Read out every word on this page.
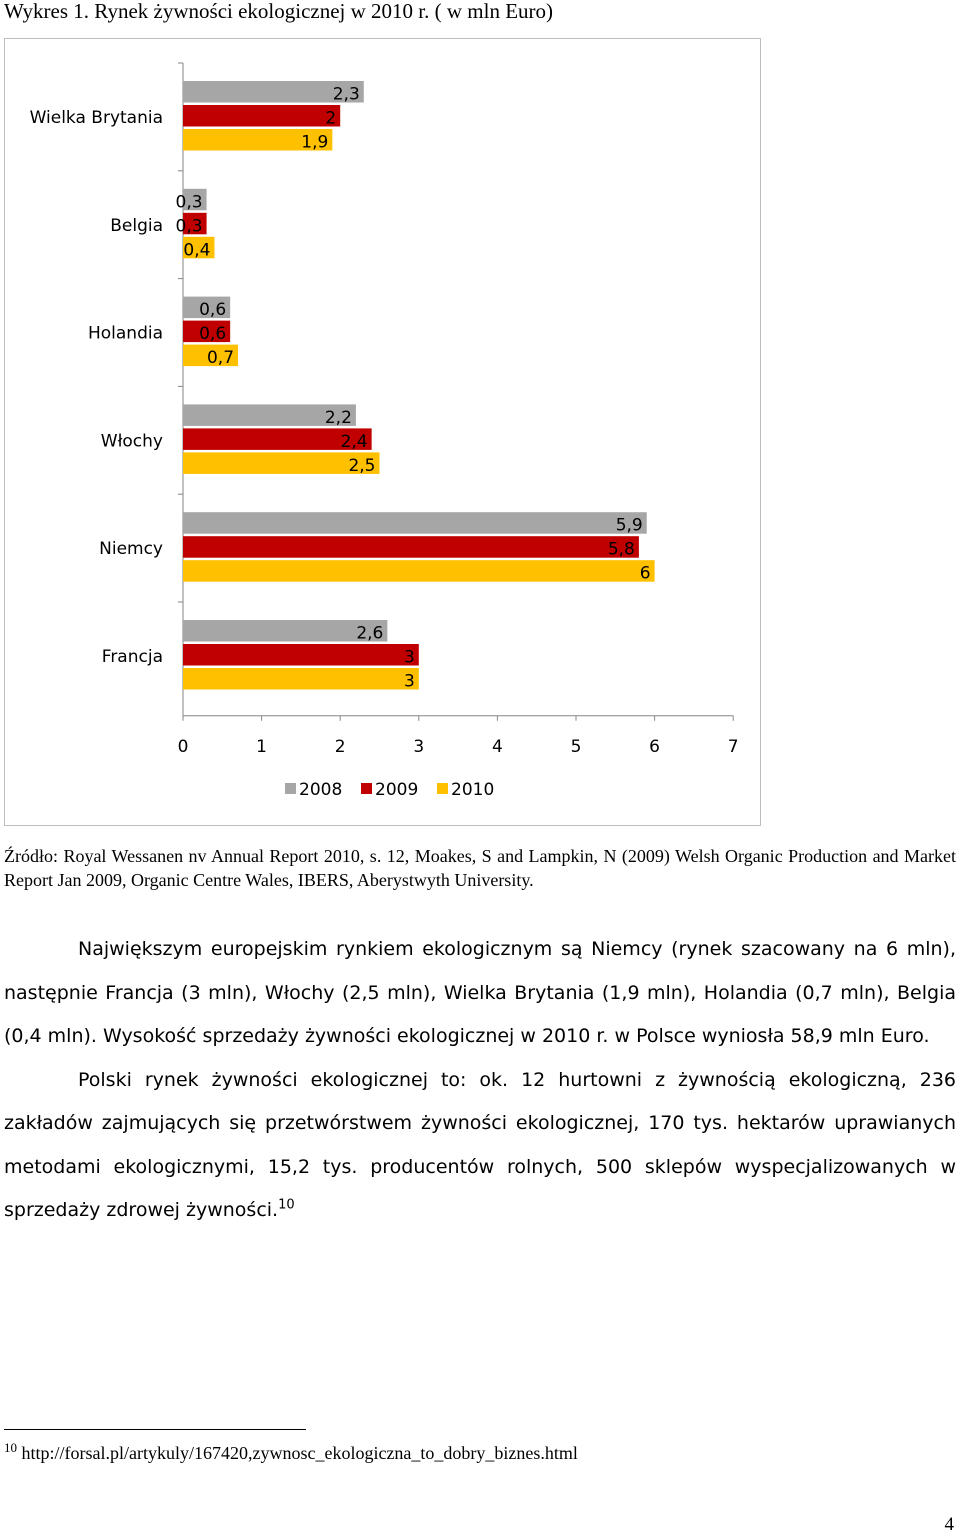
Wykres 1. Rynek żywności ekologicznej w 2010 r. ( w mln Euro)
0	1	2	3	4	5	6	7
Wielka Brytania
2,3
2
1,9
Belgia
0,3
0,3
0,4
Holandia
0,6
0,6
0,7
Włochy
2,2
2,4
2,5
Niemcy
5,9
5,8
6
Francja
2,6
3
3
2008 2009 2010
Źródło: Royal Wessanen nv Annual Report 2010, s. 12, Moakes, S and Lampkin, N (2009) Welsh Organic Production and Market Report Jan 2009, Organic Centre Wales, IBERS, Aberystwyth University.

Największym europejskim rynkiem ekologicznym są Niemcy (rynek szacowany na 6 mln), następnie Francja (3 mln), Włochy (2,5 mln), Wielka Brytania (1,9 mln), Holandia (0,7 mln), Belgia (0,4 mln). Wysokość sprzedaży żywności ekologicznej w 2010 r. w Polsce wyniosła 58,9 mln Euro.

Polski rynek żywności ekologicznej to: ok. 12 hurtowni z żywnością ekologiczną, 236 zakładów zajmujących się przetwórstwem żywności ekologicznej, 170 tys. hektarów uprawianych metodami ekologicznymi, 15,2 tys. producentów rolnych, 500 sklepów wyspecjalizowanych w sprzedaży zdrowej żywności.$^{10}$

$^{10}$ http://forsal.pl/artykuly/167420,zywnosc_ekologiczna_to_dobry_biznes.html
4
